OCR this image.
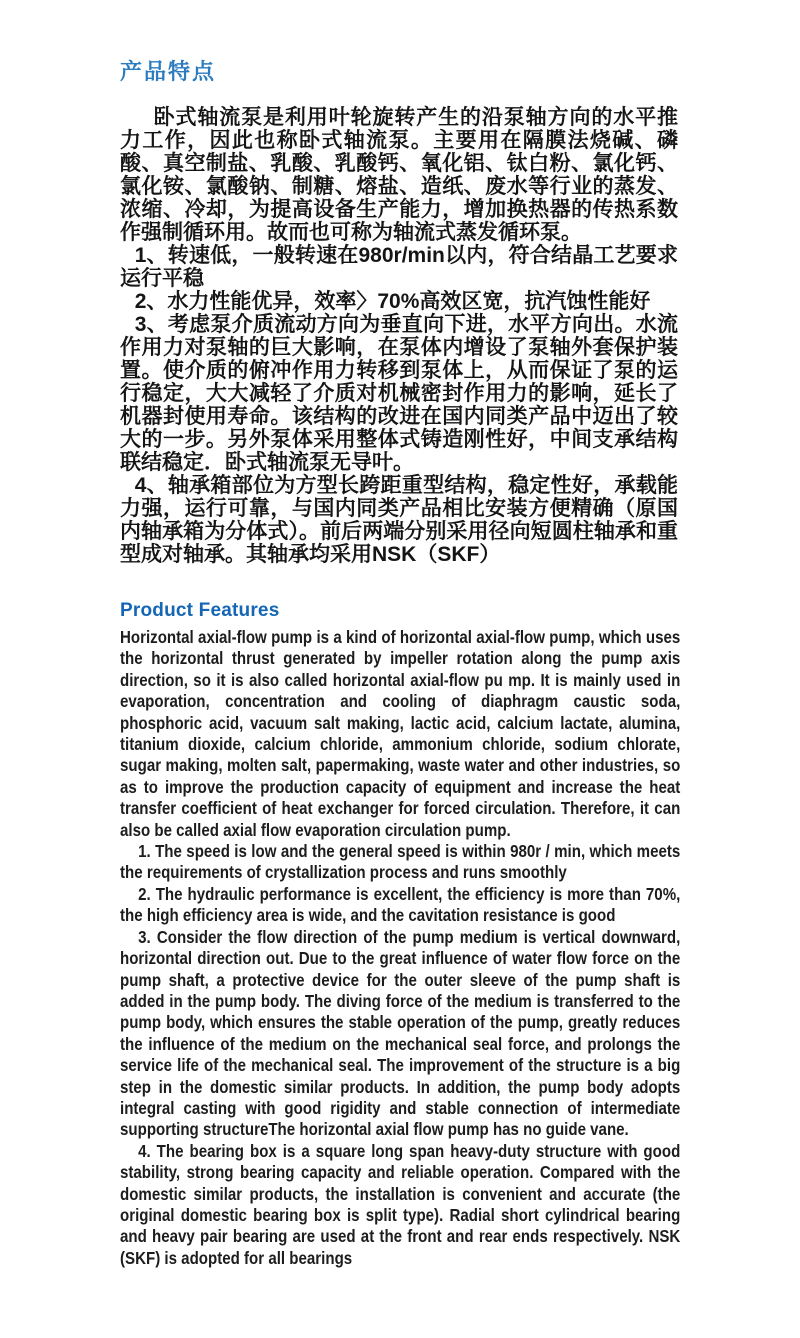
产品特点

卧式轴流泵是利用叶轮旋转产生的沿泵轴方向的水平推力工作，因此也称卧式轴流泵。主要用在隔膜法烧碱、磷酸、真空制盐、乳酸、乳酸钙、氧化铝、钛白粉、氯化钙、氯化铵、氯酸钠、制糖、熔盐、造纸、废水等行业的蒸发、浓缩、冷却，为提高设备生产能力，增加换热器的传热系数作强制循环用。故而也可称为轴流式蒸发循环泵。

1、转速低，一般转速在980r/min以内，符合结晶工艺要求运行平稳

2、水力性能优异，效率〉70%高效区宽，抗汽蚀性能好

3、考虑泵介质流动方向为垂直向下进，水平方向出。水流作用力对泵轴的巨大影响，在泵体内增设了泵轴外套保护装置。使介质的俯冲作用力转移到泵体上，从而保证了泵的运行稳定，大大减轻了介质对机械密封作用力的影响，延长了机器封使用寿命。该结构的改进在国内同类产品中迈出了较大的一步。另外泵体采用整体式铸造刚性好，中间支承结构联结稳定．卧式轴流泵无导叶。

4、轴承箱部位为方型长跨距重型结构，稳定性好，承载能力强，运行可靠，与国内同类产品相比安装方便精确（原国内轴承箱为分体式）。前后两端分别采用径向短圆柱轴承和重型成对轴承。其轴承均采用NSK（SKF）

Product Features

Horizontal axial-flow pump is a kind of horizontal axial-flow pump, which uses the horizontal thrust generated by impeller rotation along the pump axis direction, so it is also called horizontal axial-flow pu mp. It is mainly used in evaporation, concentration and cooling of diaphragm caustic soda, phosphoric acid, vacuum salt making, lactic acid, calcium lactate, alumina, titanium dioxide, calcium chloride, ammonium chloride, sodium chlorate, sugar making, molten salt, papermaking, waste water and other industries, so as to improve the production capacity of equipment and increase the heat transfer coefficient of heat exchanger for forced circulation. Therefore, it can also be called axial flow evaporation circulation pump.

1. The speed is low and the general speed is within 980r / min, which meets the requirements of crystallization process and runs smoothly

2. The hydraulic performance is excellent, the efficiency is more than 70%, the high efficiency area is wide, and the cavitation resistance is good

3. Consider the flow direction of the pump medium is vertical downward, horizontal direction out. Due to the great influence of water flow force on the pump shaft, a protective device for the outer sleeve of the pump shaft is added in the pump body. The diving force of the medium is transferred to the pump body, which ensures the stable operation of the pump, greatly reduces the influence of the medium on the mechanical seal force, and prolongs the service life of the mechanical seal. The improvement of the structure is a big step in the domestic similar products. In addition, the pump body adopts integral casting with good rigidity and stable connection of intermediate supporting structureThe horizontal axial flow pump has no guide vane.

4. The bearing box is a square long span heavy-duty structure with good stability, strong bearing capacity and reliable operation. Compared with the domestic similar products, the installation is convenient and accurate (the original domestic bearing box is split type). Radial short cylindrical bearing and heavy pair bearing are used at the front and rear ends respectively. NSK (SKF) is adopted for all bearings
